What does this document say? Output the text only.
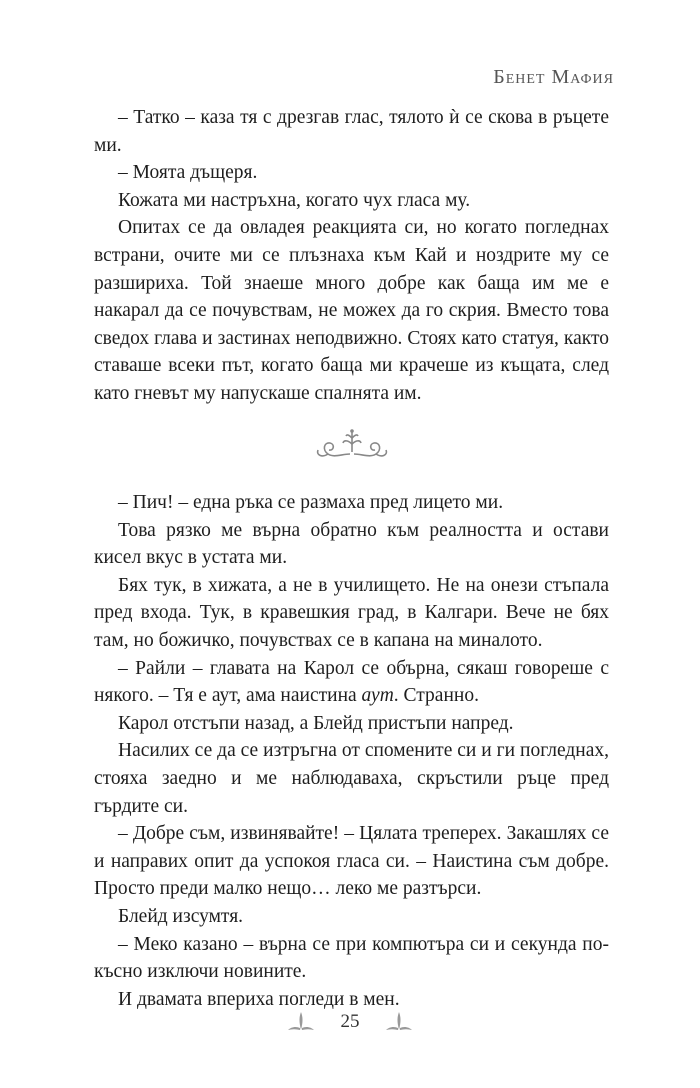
Бенет Мафия

– Татко – каза тя с дрезгав глас, тялото ѝ се скова в ръцете ми.

– Моята дъщеря.

Кожата ми настръхна, когато чух гласа му.

Опитах се да овладея реакцията си, но когато погледнах встрани, очите ми се плъзнаха към Кай и ноздрите му се разшириха. Той знаеше много добре как баща им ме е накарал да се почувствам, не можех да го скрия. Вместо това сведох глава и застинах неподвижно. Стоях като статуя, както ставаше всеки път, когато баща ми крачеше из къщата, след като гневът му напускаше спалнята им.

– Пич! – една ръка се размаха пред лицето ми.

Това рязко ме върна обратно към реалността и остави кисел вкус в устата ми.

Бях тук, в хижата, а не в училището. Не на онези стъпала пред входа. Тук, в кравешкия град, в Калгари. Вече не бях там, но божичко, почувствах се в капана на миналото.

– Райли – главата на Карол се обърна, сякаш говореше с някого. – Тя е аут, ама наистина аут. Странно.

Карол отстъпи назад, а Блейд пристъпи напред.

Насилих се да се изтръгна от спомените си и ги погледнах, стояха заедно и ме наблюдаваха, скръстили ръце пред гърдите си.

– Добре съм, извинявайте! – Цялата треперех. Закашлях се и направих опит да успокоя гласа си. – Наистина съм добре. Просто преди малко нещо… леко ме разтърси.

Блейд изсумтя.

– Меко казано – върна се при компютъра си и секунда по-късно изключи новините.

И двамата впериха погледи в мен.

25
